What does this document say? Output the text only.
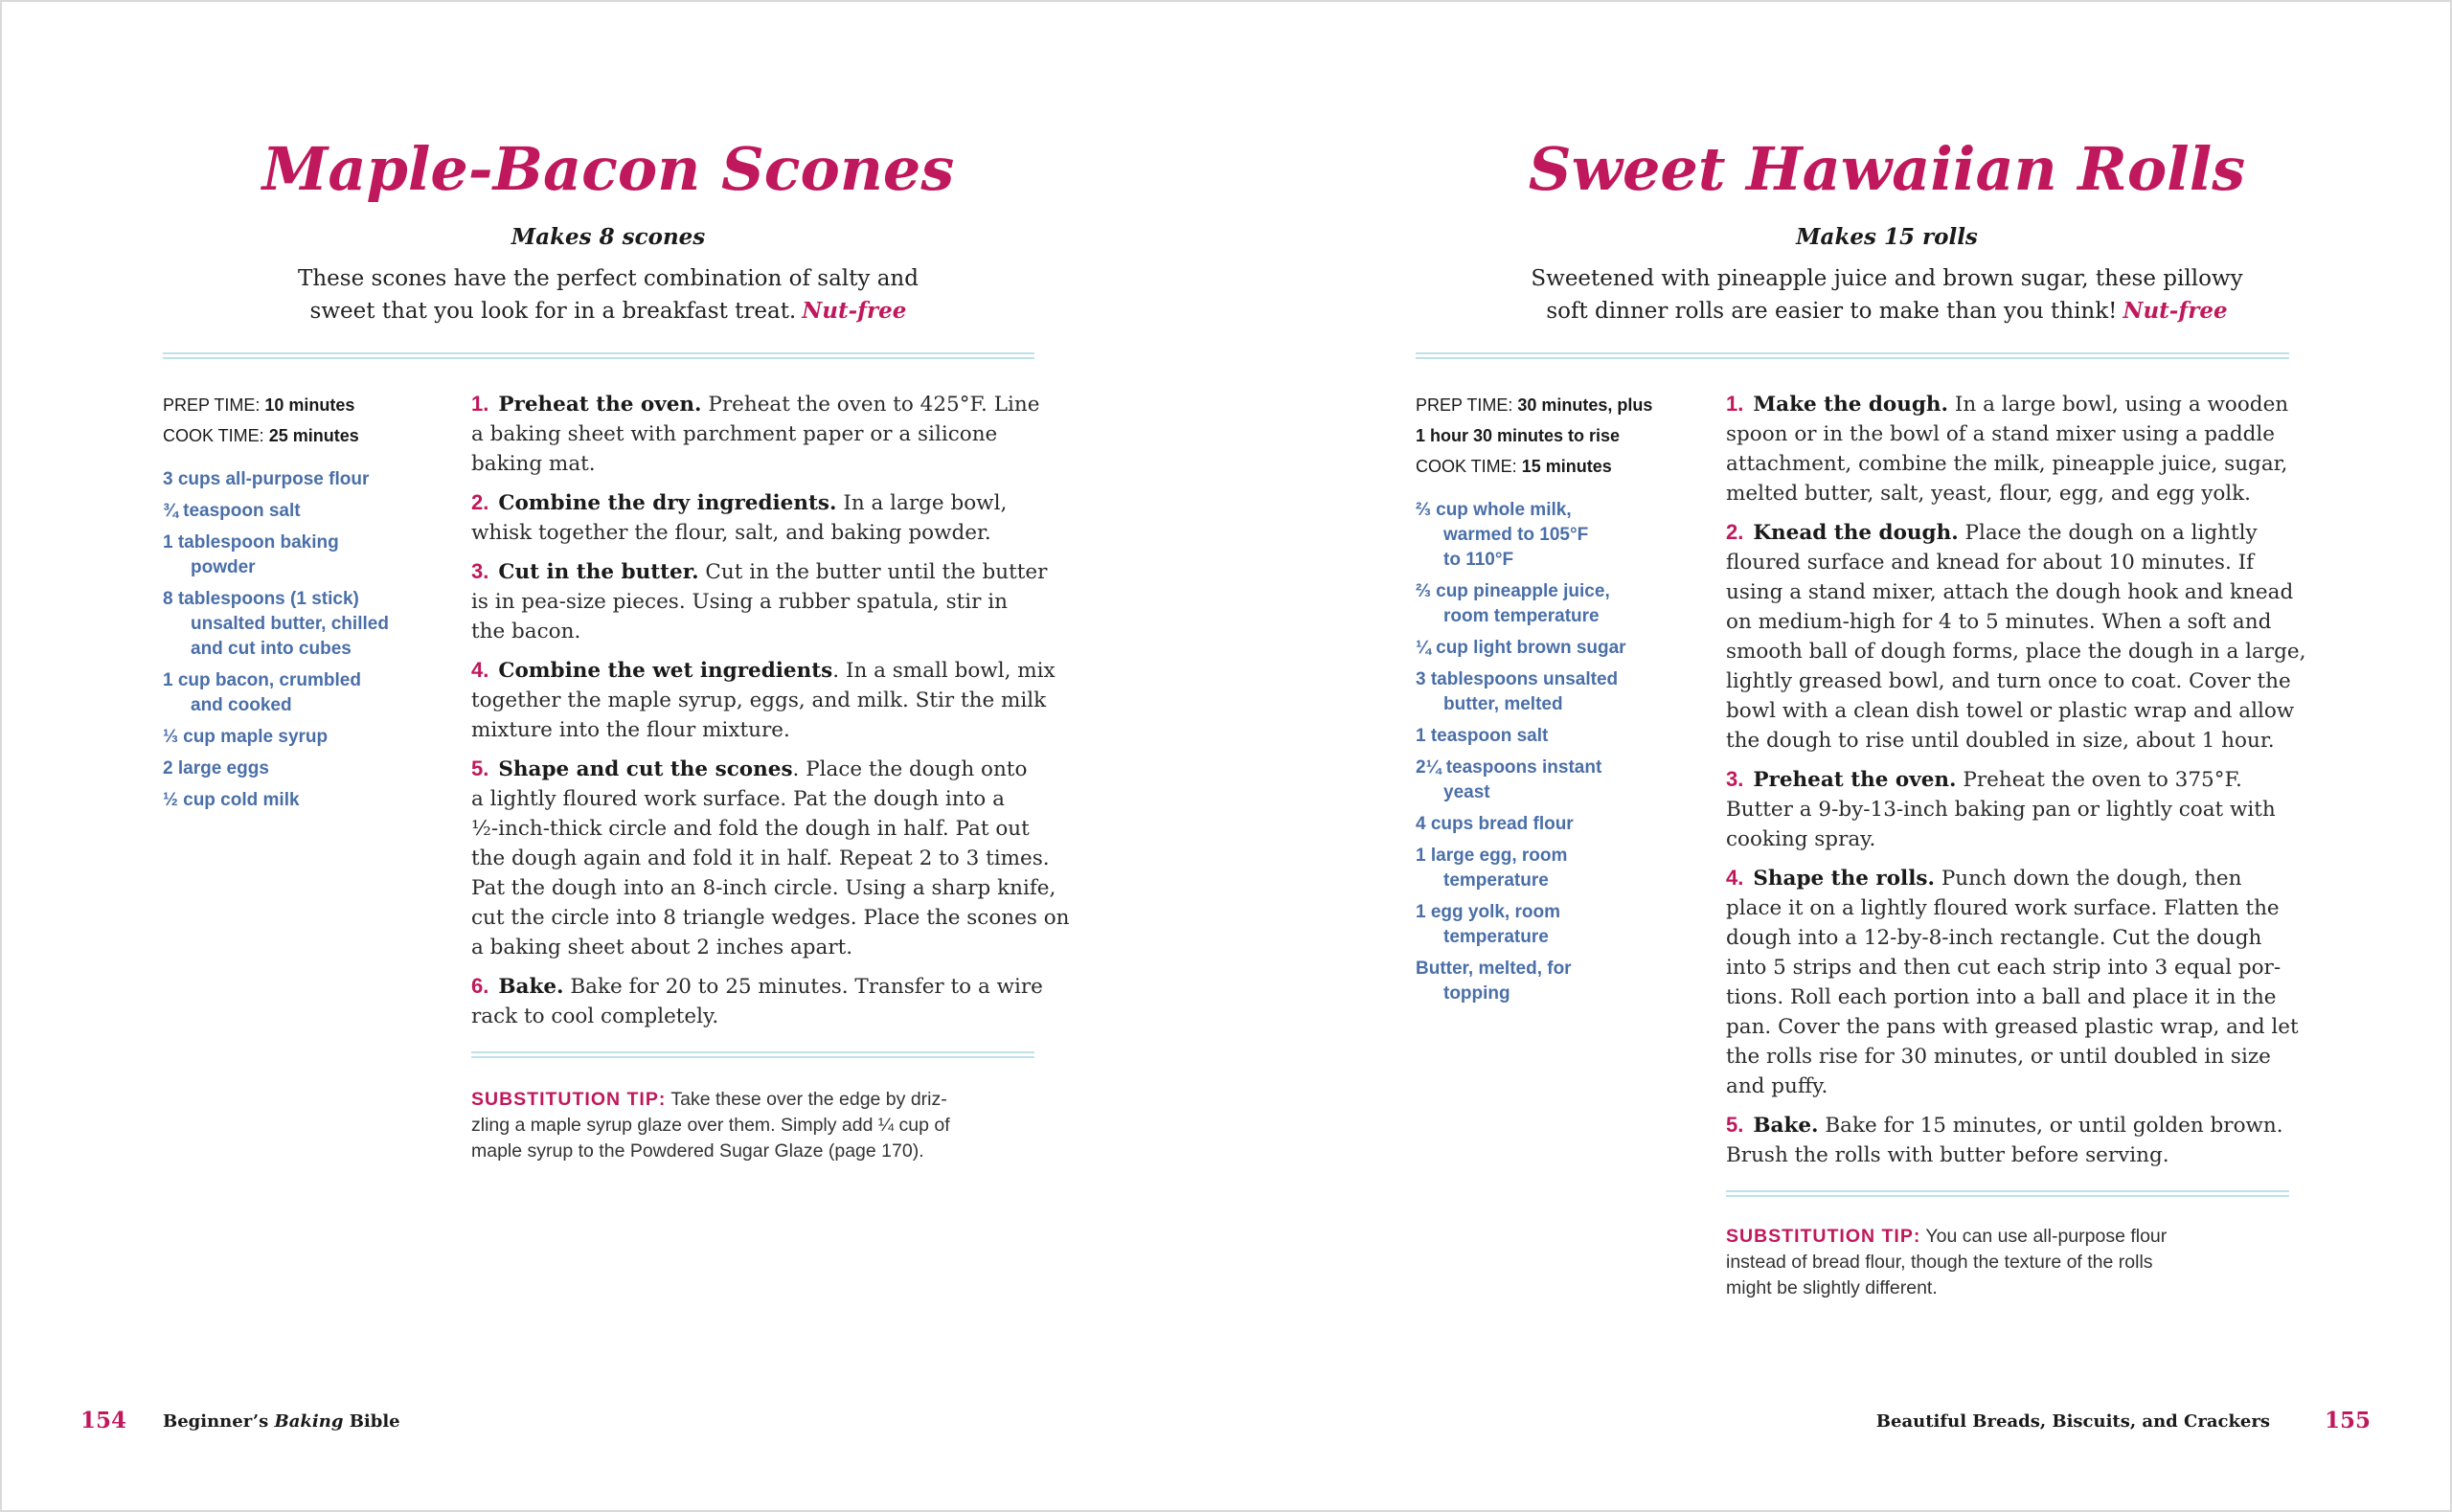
Maple-Bacon Scones
Makes 8 scones
These scones have the perfect combination of salty and
sweet that you look for in a breakfast treat. Nut-free
PREP TIME: 10 minutes
COOK TIME: 25 minutes
3 cups all-purpose flour
¾ teaspoon salt
1 tablespoon baking
powder
8 tablespoons (1 stick)
unsalted butter, chilled
and cut into cubes
1 cup bacon, crumbled
and cooked
⅓ cup maple syrup
2 large eggs
½ cup cold milk
1. Preheat the oven. Preheat the oven to 425°F. Line
a baking sheet with parchment paper or a silicone
baking mat.
2. Combine the dry ingredients. In a large bowl,
whisk together the flour, salt, and baking powder.
3. Cut in the butter. Cut in the butter until the butter
is in pea-size pieces. Using a rubber spatula, stir in
the bacon.
4. Combine the wet ingredients. In a small bowl, mix
together the maple syrup, eggs, and milk. Stir the milk
mixture into the flour mixture.
5. Shape and cut the scones. Place the dough onto
a lightly floured work surface. Pat the dough into a
½-inch-thick circle and fold the dough in half. Pat out
the dough again and fold it in half. Repeat 2 to 3 times.
Pat the dough into an 8-inch circle. Using a sharp knife,
cut the circle into 8 triangle wedges. Place the scones on
a baking sheet about 2 inches apart.
6. Bake. Bake for 20 to 25 minutes. Transfer to a wire
rack to cool completely.
SUBSTITUTION TIP: Take these over the edge by driz-
zling a maple syrup glaze over them. Simply add ¼ cup of
maple syrup to the Powdered Sugar Glaze (page 170).
154 Beginner’s Baking Bible
Sweet Hawaiian Rolls
Makes 15 rolls
Sweetened with pineapple juice and brown sugar, these pillowy
soft dinner rolls are easier to make than you think! Nut-free
PREP TIME: 30 minutes, plus
1 hour 30 minutes to rise
COOK TIME: 15 minutes
⅔ cup whole milk,
warmed to 105°F
to 110°F
⅔ cup pineapple juice,
room temperature
¼ cup light brown sugar
3 tablespoons unsalted
butter, melted
1 teaspoon salt
2¼ teaspoons instant
yeast
4 cups bread flour
1 large egg, room
temperature
1 egg yolk, room
temperature
Butter, melted, for
topping
1. Make the dough. In a large bowl, using a wooden
spoon or in the bowl of a stand mixer using a paddle
attachment, combine the milk, pineapple juice, sugar,
melted butter, salt, yeast, flour, egg, and egg yolk.
2. Knead the dough. Place the dough on a lightly
floured surface and knead for about 10 minutes. If
using a stand mixer, attach the dough hook and knead
on medium-high for 4 to 5 minutes. When a soft and
smooth ball of dough forms, place the dough in a large,
lightly greased bowl, and turn once to coat. Cover the
bowl with a clean dish towel or plastic wrap and allow
the dough to rise until doubled in size, about 1 hour.
3. Preheat the oven. Preheat the oven to 375°F.
Butter a 9-by-13-inch baking pan or lightly coat with
cooking spray.
4. Shape the rolls. Punch down the dough, then
place it on a lightly floured work surface. Flatten the
dough into a 12-by-8-inch rectangle. Cut the dough
into 5 strips and then cut each strip into 3 equal por-
tions. Roll each portion into a ball and place it in the
pan. Cover the pans with greased plastic wrap, and let
the rolls rise for 30 minutes, or until doubled in size
and puffy.
5. Bake. Bake for 15 minutes, or until golden brown.
Brush the rolls with butter before serving.
SUBSTITUTION TIP: You can use all-purpose flour
instead of bread flour, though the texture of the rolls
might be slightly different.
Beautiful Breads, Biscuits, and Crackers 155
